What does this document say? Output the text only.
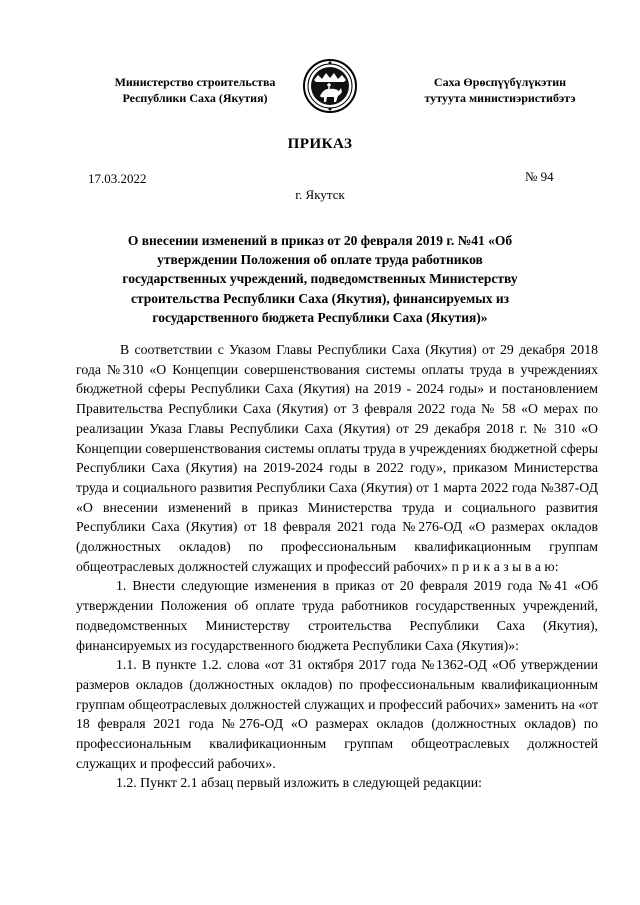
Министерство строительства
Республики Саха (Якутия)
Саха Өрөспүүбүлүкэтин
тутуута министиэристибэтэ
ПРИКАЗ
17.03.2022	№ 94
г. Якутск
О внесении изменений в приказ от 20 февраля 2019 г. №41 «Об утверждении Положения об оплате труда работников государственных учреждений, подведомственных Министерству строительства Республики Саха (Якутия), финансируемых из государственного бюджета Республики Саха (Якутия)»

В соответствии с Указом Главы Республики Саха (Якутия) от 29 декабря 2018 года №310 «О Концепции совершенствования системы оплаты труда в учреждениях бюджетной сферы Республики Саха (Якутия) на 2019 - 2024 годы» и постановлением Правительства Республики Саха (Якутия) от 3 февраля 2022 года № 58 «О мерах по реализации Указа Главы Республики Саха (Якутия) от 29 декабря 2018 г. № 310 «О Концепции совершенствования системы оплаты труда в учреждениях бюджетной сферы Республики Саха (Якутия) на 2019-2024 годы в 2022 году», приказом Министерства труда и социального развития Республики Саха (Якутия) от 1 марта 2022 года №387-ОД «О внесении изменений в приказ Министерства труда и социального развития Республики Саха (Якутия) от 18 февраля 2021 года №276-ОД «О размерах окладов (должностных окладов) по профессиональным квалификационным группам общеотраслевых должностей служащих и профессий рабочих» п р и к а з ы в а ю:

1. Внести следующие изменения в приказ от 20 февраля 2019 года №41 «Об утверждении Положения об оплате труда работников государственных учреждений, подведомственных Министерству строительства Республики Саха (Якутия), финансируемых из государственного бюджета Республики Саха (Якутия)»:

1.1. В пункте 1.2. слова «от 31 октября 2017 года №1362-ОД «Об утверждении размеров окладов (должностных окладов) по профессиональным квалификационным группам общеотраслевых должностей служащих и профессий рабочих» заменить на «от 18 февраля 2021 года №276-ОД «О размерах окладов (должностных окладов) по профессиональным квалификационным группам общеотраслевых должностей служащих и профессий рабочих».

1.2. Пункт 2.1 абзац первый изложить в следующей редакции:
